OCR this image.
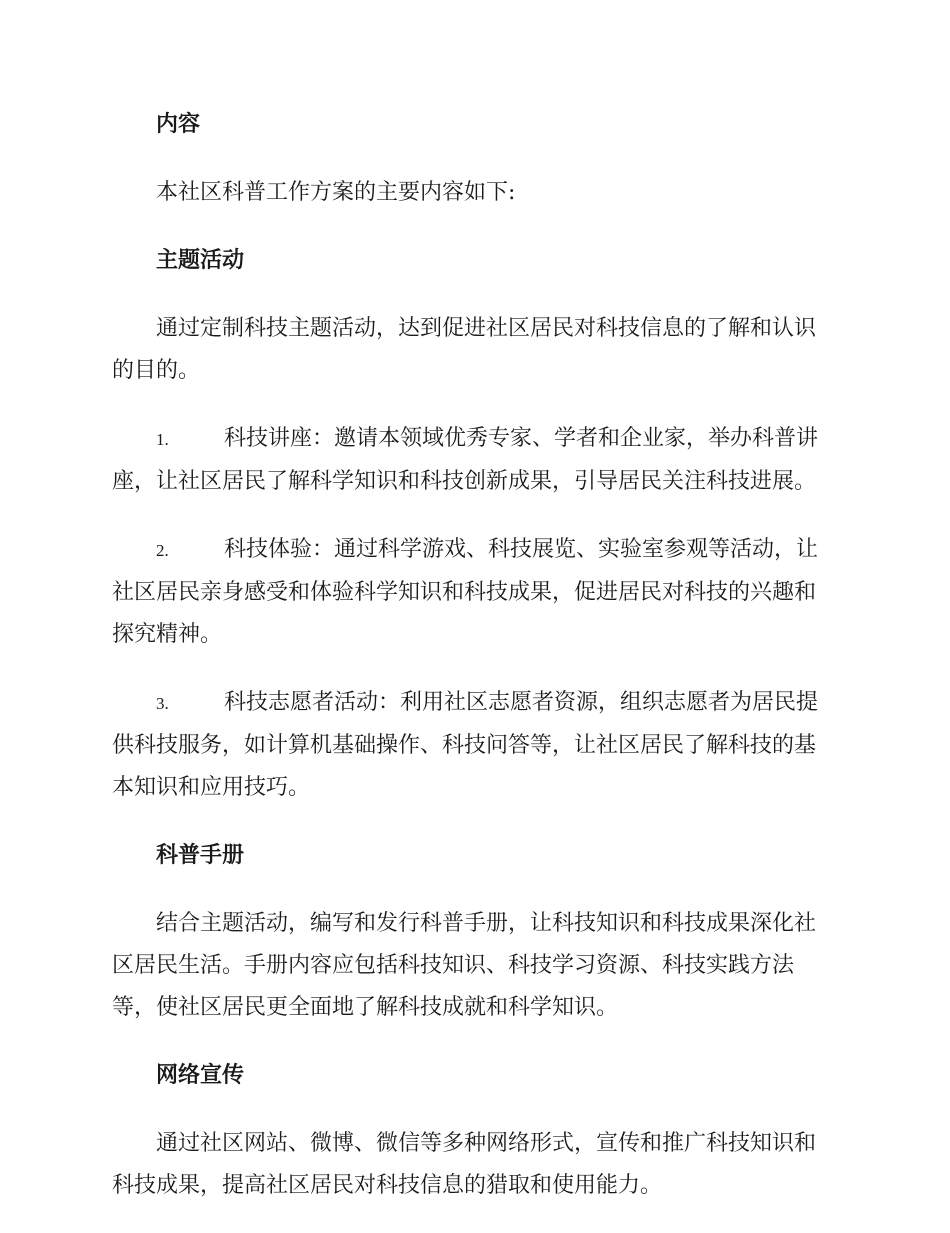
内容
本社区科普工作方案的主要内容如下:
主题活动
通过定制科技主题活动，达到促进社区居民对科技信息的了解和认识的目的。
1.	科技讲座：邀请本领域优秀专家、学者和企业家，举办科普讲座，让社区居民了解科学知识和科技创新成果，引导居民关注科技进展。
2.	科技体验：通过科学游戏、科技展览、实验室参观等活动，让社区居民亲身感受和体验科学知识和科技成果，促进居民对科技的兴趣和探究精神。
3.	科技志愿者活动：利用社区志愿者资源，组织志愿者为居民提供科技服务，如计算机基础操作、科技问答等，让社区居民了解科技的基本知识和应用技巧。
科普手册
结合主题活动，编写和发行科普手册，让科技知识和科技成果深化社区居民生活。手册内容应包括科技知识、科技学习资源、科技实践方法等，使社区居民更全面地了解科技成就和科学知识。
网络宣传
通过社区网站、微博、微信等多种网络形式，宣传和推广科技知识和科技成果，提高社区居民对科技信息的猎取和使用能力。
